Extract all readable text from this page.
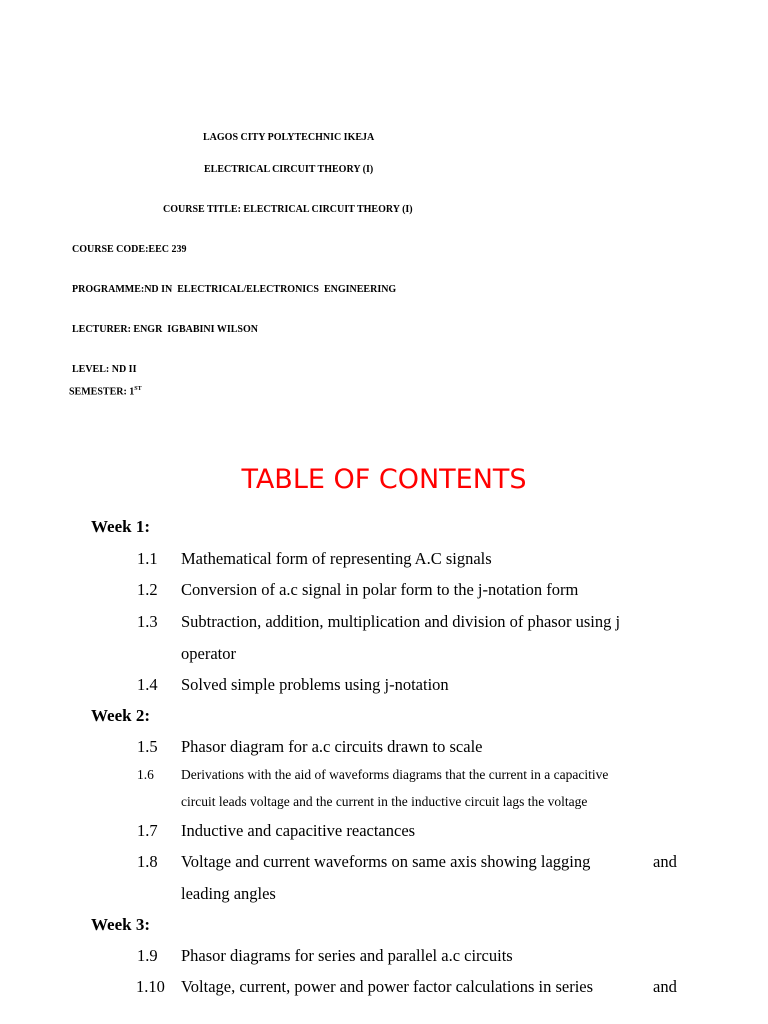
LAGOS CITY POLYTECHNIC IKEJA
ELECTRICAL CIRCUIT THEORY (I)
COURSE TITLE: ELECTRICAL CIRCUIT THEORY (I)
COURSE CODE:EEC 239
PROGRAMME:ND IN  ELECTRICAL/ELECTRONICS  ENGINEERING
LECTURER: ENGR  IGBABINI WILSON
LEVEL: ND II
SEMESTER: 1ST
TABLE OF CONTENTS
Week 1:
1.1 Mathematical form of representing A.C signals
1.2 Conversion of a.c signal in polar form to the j-notation form
1.3 Subtraction, addition, multiplication and division of phasor using j
operator
1.4 Solved simple problems using j-notation
Week 2:
1.5 Phasor diagram for a.c circuits drawn to scale
1.6 Derivations with the aid of waveforms diagrams that the current in a capacitive
circuit leads voltage and the current in the inductive circuit lags the voltage
1.7 Inductive and capacitive reactances
1.8 Voltage and current waveforms on same axis showing lagging	and
leading angles
Week 3:
1.9 Phasor diagrams for series and parallel a.c circuits
1.10 Voltage, current, power and power factor calculations in series	and
